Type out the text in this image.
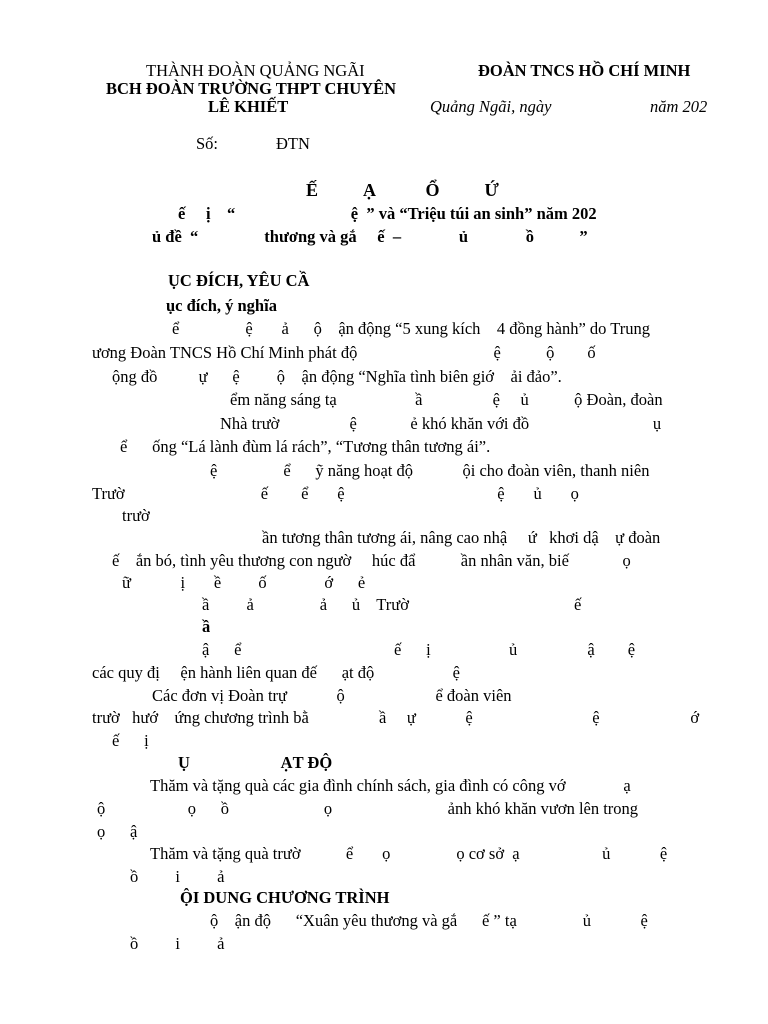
THÀNH ĐOÀN QUẢNG NGÃI
BCH ĐOÀN TRƯỜNG THPT CHUYÊN
LÊ KHIẾT
ĐOÀN TNCS HỒ CHÍ MINH
Quảng Ngãi, ngày	năm 202
Số:	ĐTN
Ế          Ạ           Ổ          Ứ
ế     ị    “                            ệ  ” và “Triệu túi an sinh” năm 202
ủ đề  “                thương và gắ     ế  –              ủ              ồ           ”
ỤC ĐÍCH, YÊU CẦ
ục đích, ý nghĩa
ể                ệ       ả      ộ    ận động “5 xung kích    4 đồng hành” do Trung
ương Đoàn TNCS Hồ Chí Minh phát độ                                 ệ           ộ        ố
ộng đồ          ự      ệ         ộ    ận động “Nghĩa tình biên giớ    ải đảo”.
ểm năng sáng tạ                   ầ                 ệ     ủ           ộ Đoàn, đoàn
Nhà trườ                 ệ             ẻ khó khăn với đồ                              ụ
ể      ống “Lá lành đùm lá rách”, “Tương thân tương ái”.
ệ                ể      ỹ năng hoạt độ            ội cho đoàn viên, thanh niên
Trườ                                 ế        ể       ệ                                     ệ       ủ       ọ
trườ
ần tương thân tương ái, nâng cao nhậ     ứ   khơi dậ    ự đoàn
ế    ắn bó, tình yêu thương con ngườ     húc đẩ           ần nhân văn, biế             ọ
ữ            ị       ề         ố              ớ      ẻ
ầ         ả                ả      ủ    Trườ                                        ế
ầ
ậ      ể                                     ế      ị                   ủ                 ậ        ệ
các quy đị     ện hành liên quan đế      ạt độ                   ệ
Các đơn vị Đoàn trự            ộ                      ể đoàn viên
trườ   hướ    ứng chương trình bằ                 ầ     ự            ệ                             ệ                      ớ
ế      ị
Ụ                      ẠT ĐỘ
Thăm và tặng quà các gia đình chính sách, gia đình có công vớ              ạ
ộ                    ọ      ồ                       ọ                            ảnh khó khăn vươn lên trong
ọ      ậ
Thăm và tặng quà trườ           ể       ọ                ọ cơ sở  ạ                    ủ            ệ
ồ         i         ả
ỘI DUNG CHƯƠNG TRÌNH
ộ    ận độ      “Xuân yêu thương và gắ      ế ” tạ                ủ            ệ
ồ         i         ả
